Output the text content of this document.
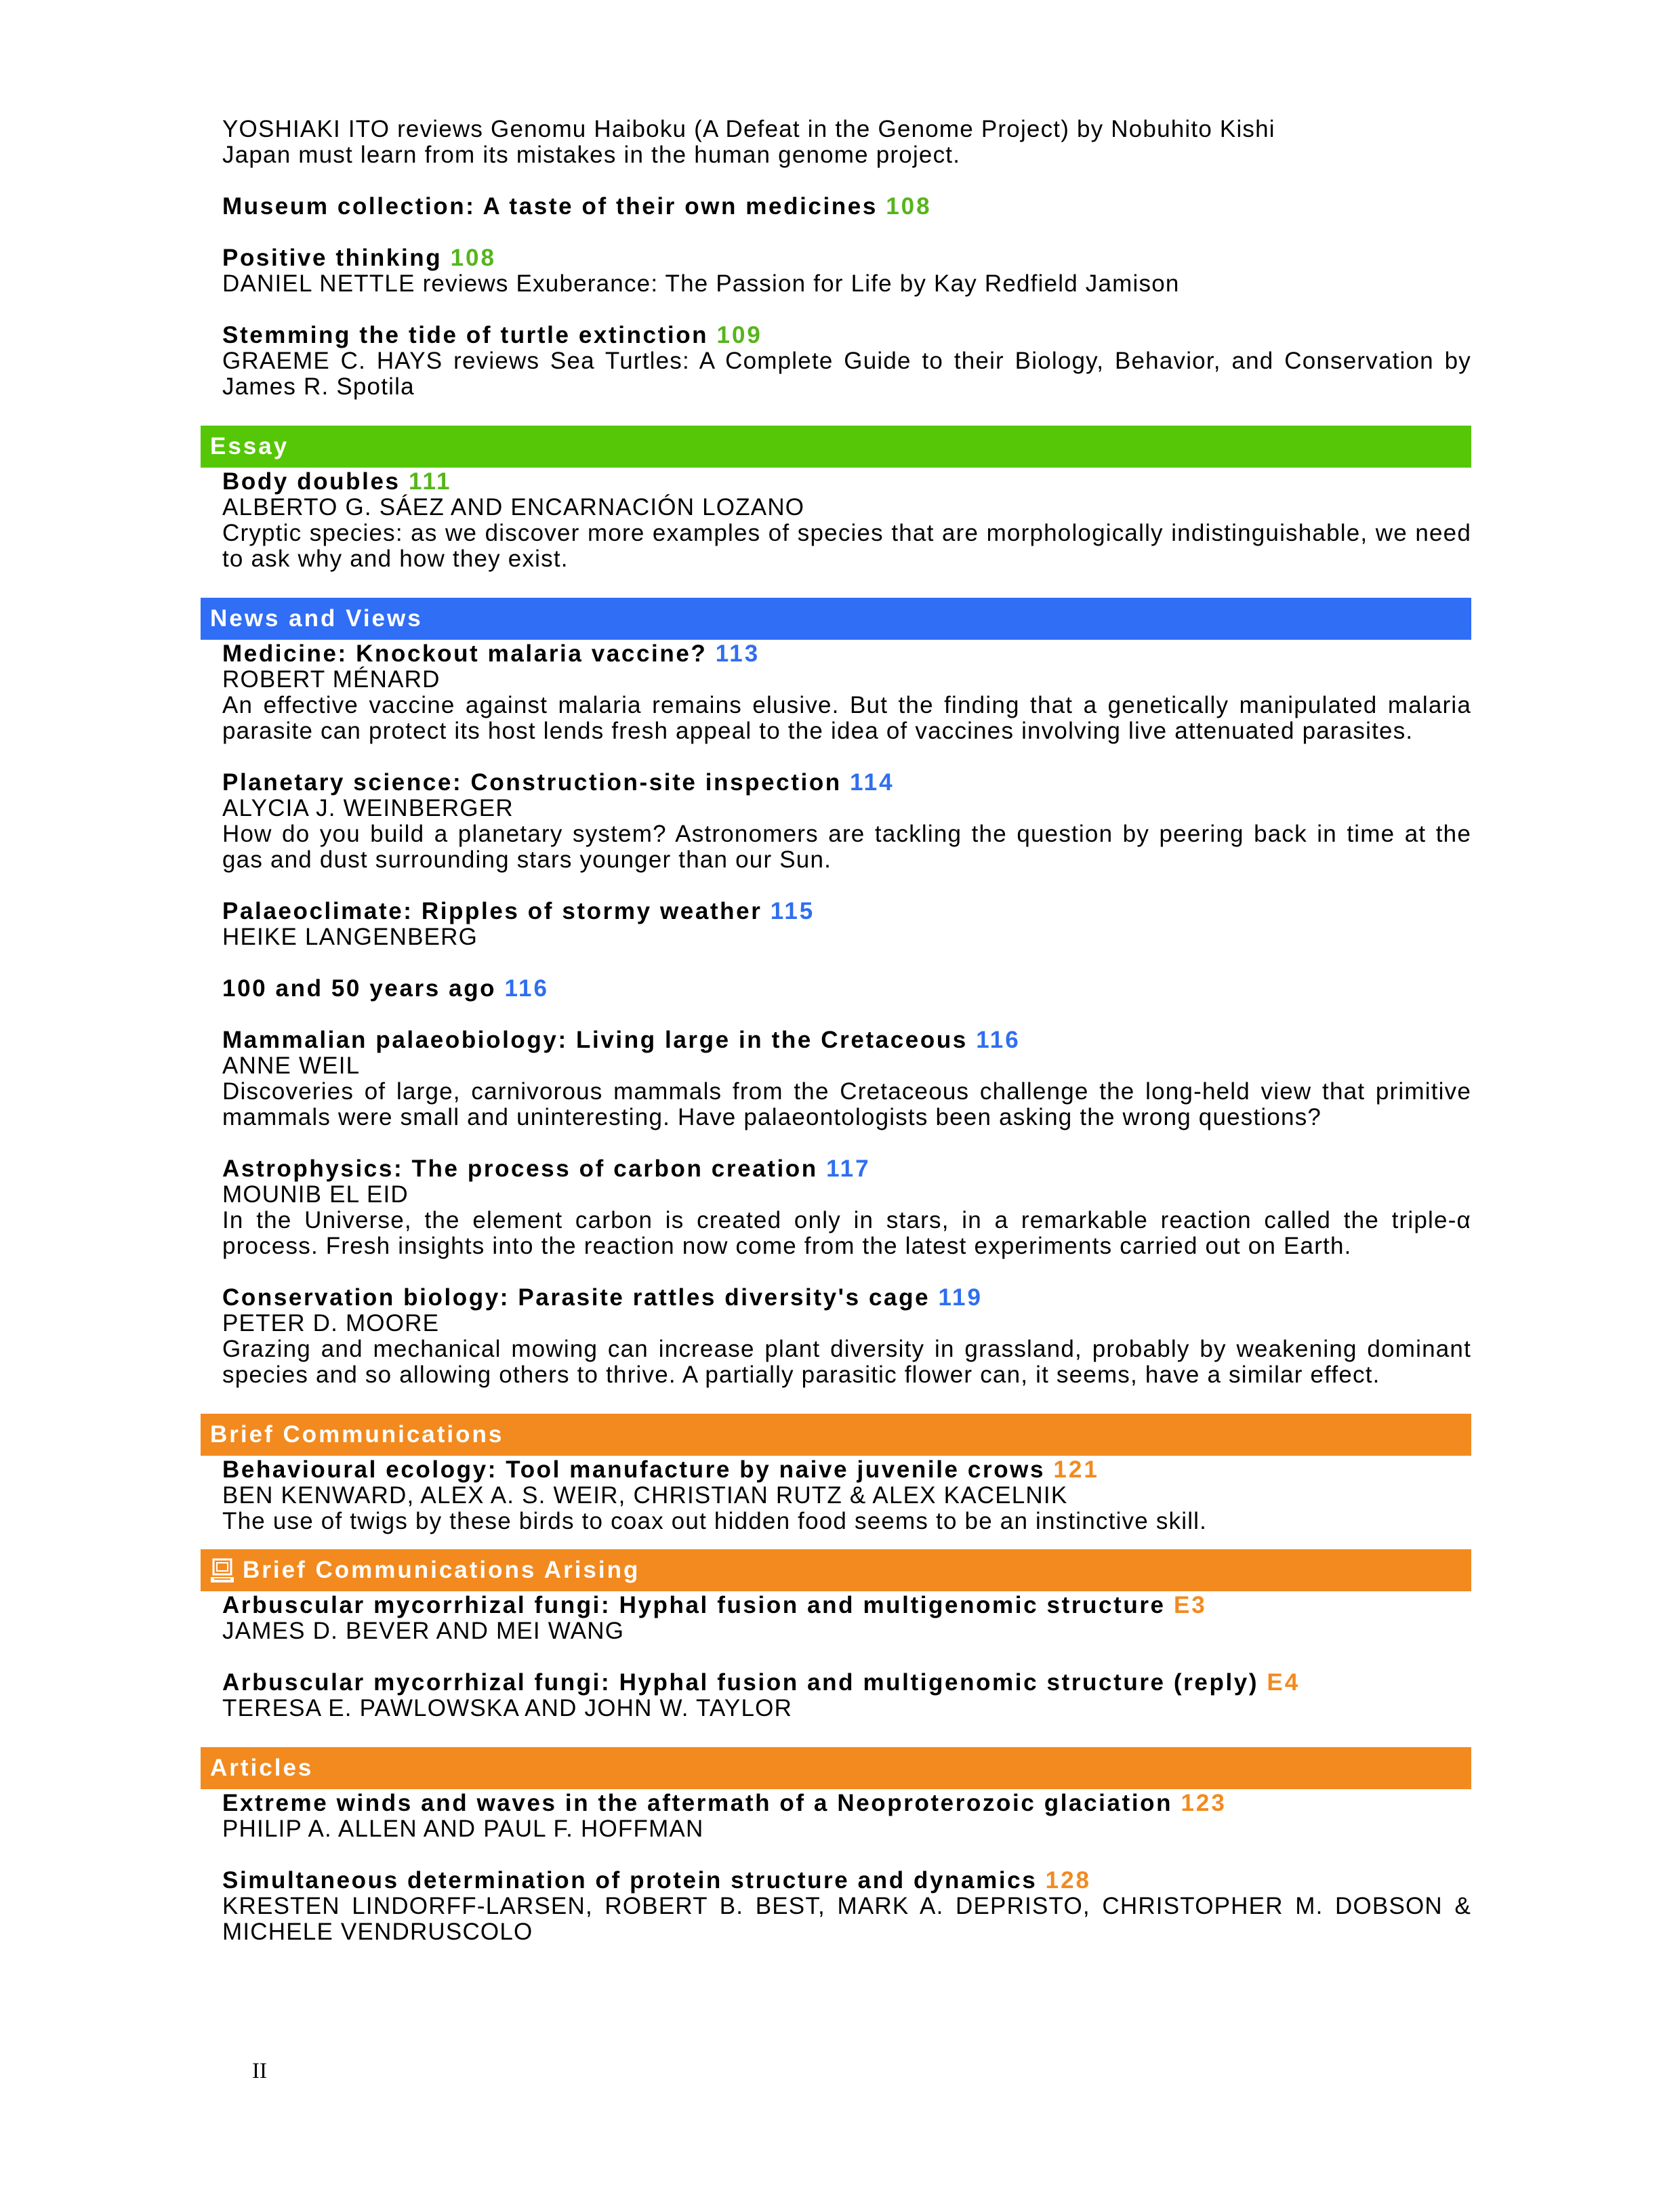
YOSHIAKI ITO reviews Genomu Haiboku (A Defeat in the Genome Project) by Nobuhito Kishi
Japan must learn from its mistakes in the human genome project.
Museum collection: A taste of their own medicines 108
Positive thinking 108
DANIEL NETTLE reviews Exuberance: The Passion for Life by Kay Redfield Jamison
Stemming the tide of turtle extinction 109
GRAEME C. HAYS reviews Sea Turtles: A Complete Guide to their Biology, Behavior, and Conservation by James R. Spotila
Essay
Body doubles 111
ALBERTO G. SÁEZ AND ENCARNACIÓN LOZANO
Cryptic species: as we discover more examples of species that are morphologically indistinguishable, we need to ask why and how they exist.
News and Views
Medicine: Knockout malaria vaccine? 113
ROBERT MÉNARD
An effective vaccine against malaria remains elusive. But the finding that a genetically manipulated malaria parasite can protect its host lends fresh appeal to the idea of vaccines involving live attenuated parasites.
Planetary science: Construction-site inspection 114
ALYCIA J. WEINBERGER
How do you build a planetary system? Astronomers are tackling the question by peering back in time at the gas and dust surrounding stars younger than our Sun.
Palaeoclimate: Ripples of stormy weather 115
HEIKE LANGENBERG
100 and 50 years ago 116
Mammalian palaeobiology: Living large in the Cretaceous 116
ANNE WEIL
Discoveries of large, carnivorous mammals from the Cretaceous challenge the long-held view that primitive mammals were small and uninteresting. Have palaeontologists been asking the wrong questions?
Astrophysics: The process of carbon creation 117
MOUNIB EL EID
In the Universe, the element carbon is created only in stars, in a remarkable reaction called the triple-α process. Fresh insights into the reaction now come from the latest experiments carried out on Earth.
Conservation biology: Parasite rattles diversity's cage 119
PETER D. MOORE
Grazing and mechanical mowing can increase plant diversity in grassland, probably by weakening dominant species and so allowing others to thrive. A partially parasitic flower can, it seems, have a similar effect.
Brief Communications
Behavioural ecology: Tool manufacture by naive juvenile crows 121
BEN KENWARD, ALEX A. S. WEIR, CHRISTIAN RUTZ & ALEX KACELNIK
The use of twigs by these birds to coax out hidden food seems to be an instinctive skill.
Brief Communications Arising
Arbuscular mycorrhizal fungi: Hyphal fusion and multigenomic structure E3
JAMES D. BEVER AND MEI WANG
Arbuscular mycorrhizal fungi: Hyphal fusion and multigenomic structure (reply) E4
TERESA E. PAWLOWSKA AND JOHN W. TAYLOR
Articles
Extreme winds and waves in the aftermath of a Neoproterozoic glaciation 123
PHILIP A. ALLEN AND PAUL F. HOFFMAN
Simultaneous determination of protein structure and dynamics 128
KRESTEN LINDORFF-LARSEN, ROBERT B. BEST, MARK A. DEPRISTO, CHRISTOPHER M. DOBSON & MICHELE VENDRUSCOLO
II
